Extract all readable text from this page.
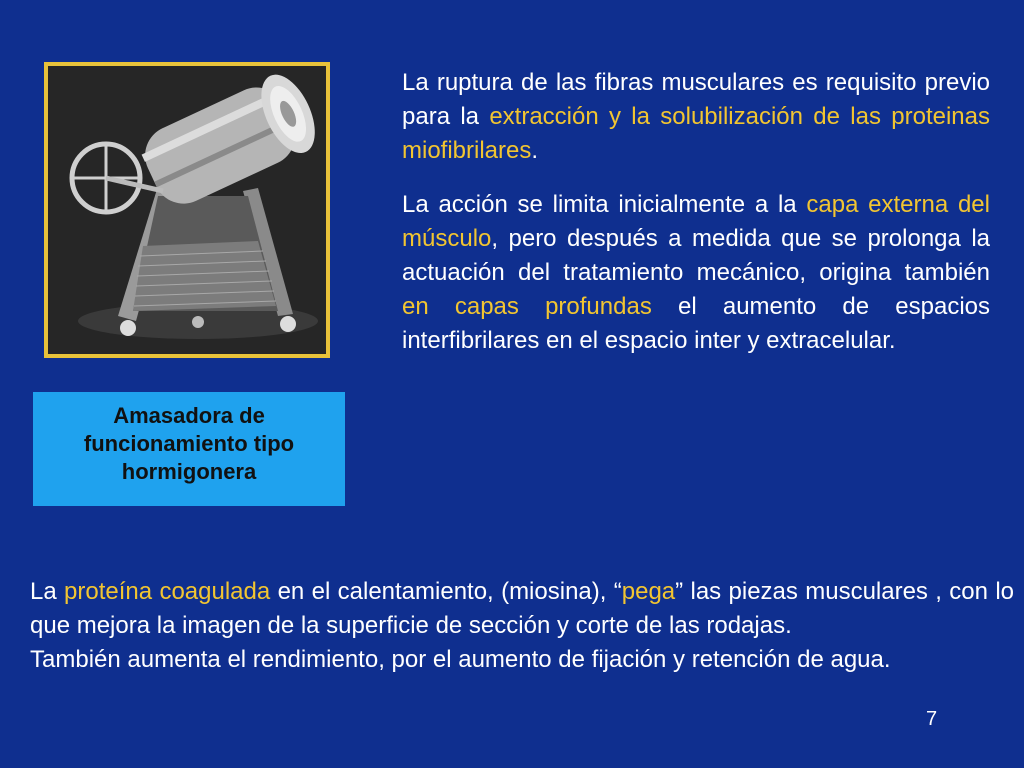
Amasadora de funcionamiento tipo hormigonera

La ruptura de las fibras musculares es requisito previo para la extracción y la solubilización de las proteinas miofibrilares.

La acción se limita inicialmente a la capa externa del músculo, pero después a medida que se prolonga la actuación del tratamiento mecánico, origina también en capas profundas el aumento de espacios interfibrilares en el espacio inter y extracelular.

La proteína coagulada en el calentamiento, (miosina), “pega” las piezas musculares , con lo que mejora la imagen de la superficie de sección y corte de las rodajas.

También aumenta el rendimiento, por el aumento de fijación y retención de agua.

7
